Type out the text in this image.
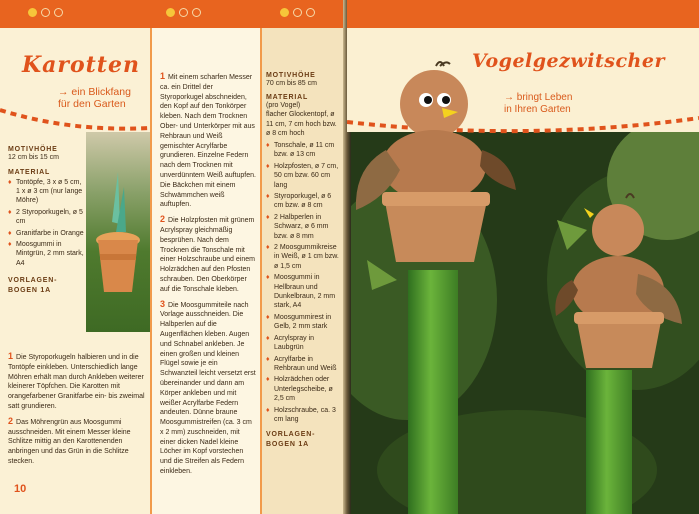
Karotten
→ ein Blickfang
für den Garten
MOTIVHÖHE
12 cm bis 15 cm
MATERIAL
♦ Tontöpfe, 3 x ø 5 cm, 1 x ø 3 cm (nur lange Möhre)
♦ 2 Styroporkugeln, ø 5 cm
♦ Granitfarbe in Orange
♦ Moosgummi in Mintgrün, 2 mm stark, A4
VORLAGEN-
BOGEN 1A
1 Die Styroporkugeln halbieren und in die Tontöpfe einkleben. Unterschiedlich lange Möhren erhält man durch Ankleben weiterer kleinerer Töpfchen. Die Karotten mit orangefarbener Granitfarbe ein- bis zweimal satt grundieren.
2 Das Möhrengrün aus Moosgummi ausschneiden. Mit einem Messer kleine Schlitze mittig an den Karottenenden anbringen und das Grün in die Schlitze stecken.
10
1 Mit einem scharfen Messer ca. ein Drittel der Styroporkugel abschneiden, den Kopf auf den Tonkörper kleben. Nach dem Trocknen Ober- und Unterkörper mit aus Rehbraun und Weiß gemischter Acrylfarbe grundieren. Einzelne Federn nach dem Trocknen mit unverdünntem Weiß auftupfen. Die Bäckchen mit einem Schwämmchen weiß auftupfen.
2 Die Holzpfosten mit grünem Acrylspray gleichmäßig besprühen. Nach dem Trocknen die Tonschale mit einer Holzschraube und einem Holzrädchen auf den Pfosten schrauben. Den Oberkörper auf die Tonschale kleben.
3 Die Moosgummiteile nach Vorlage ausschneiden. Die Halbperlen auf die Augenflächen kleben. Augen und Schnabel ankleben. Je einen großen und kleinen Flügel sowie je ein Schwanzteil leicht versetzt erst übereinander und dann am Körper ankleben und mit weißer Acrylfarbe Federn andeuten. Dünne braune Moosgummistreifen (ca. 3 cm x 2 mm) zuschneiden, mit einer dicken Nadel kleine Löcher im Kopf vorstechen und die Streifen als Federn einkleben.
MOTIVHÖHE
70 cm bis 85 cm
MATERIAL
(pro Vogel)
flacher Glockentopf, ø 11 cm, 7 cm hoch bzw. ø 8 cm hoch
♦ Tonschale, ø 11 cm bzw. ø 13 cm
♦ Holzpfosten, ø 7 cm, 50 cm bzw. 60 cm lang
♦ Styroporkugel, ø 6 cm bzw. ø 8 cm
♦ 2 Halbperlen in Schwarz, ø 6 mm bzw. ø 8 mm
♦ 2 Moosgummikreise in Weiß, ø 1 cm bzw. ø 1,5 cm
♦ Moosgummi in Hellbraun und Dunkelbraun, 2 mm stark, A4
♦ Moosgummirest in Gelb, 2 mm stark
♦ Acrylspray in Laubgrün
♦ Acrylfarbe in Rehbraun und Weiß
♦ Holzrädchen oder Unterlegscheibe, ø 2,5 cm
♦ Holzschraube, ca. 3 cm lang
VORLAGEN-
BOGEN 1A
Vogelgezwitscher
→ bringt Leben
in Ihren Garten
